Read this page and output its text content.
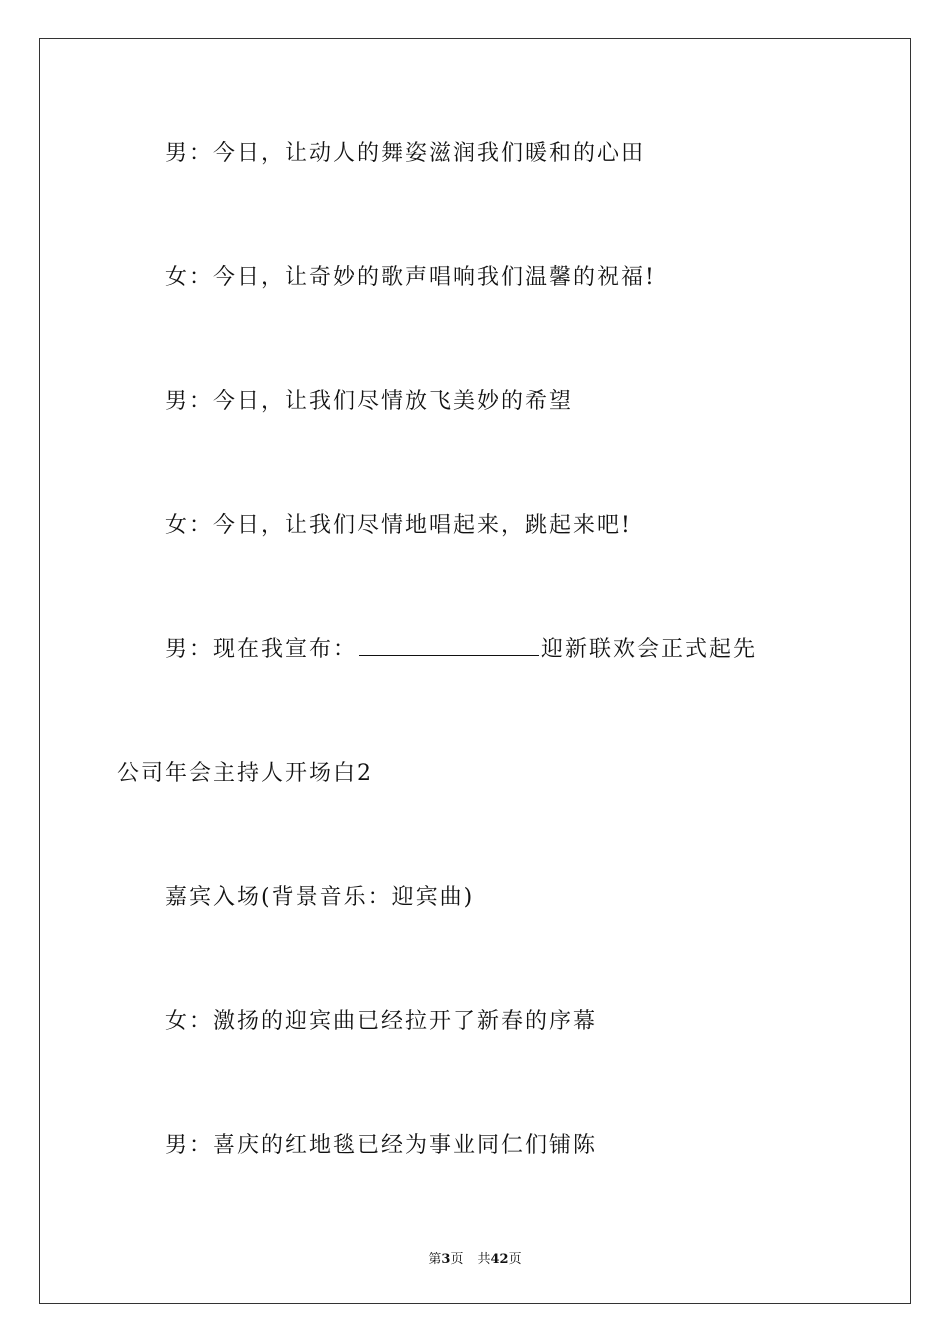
男：今日，让动人的舞姿滋润我们暖和的心田
女：今日，让奇妙的歌声唱响我们温馨的祝福!
男：今日，让我们尽情放飞美妙的希望
女：今日，让我们尽情地唱起来，跳起来吧!
男：现在我宣布：	迎新联欢会正式起先
公司年会主持人开场白2
嘉宾入场(背景音乐：迎宾曲)
女：激扬的迎宾曲已经拉开了新春的序幕
男：喜庆的红地毯已经为事业同仁们铺陈
第3页 共42页
